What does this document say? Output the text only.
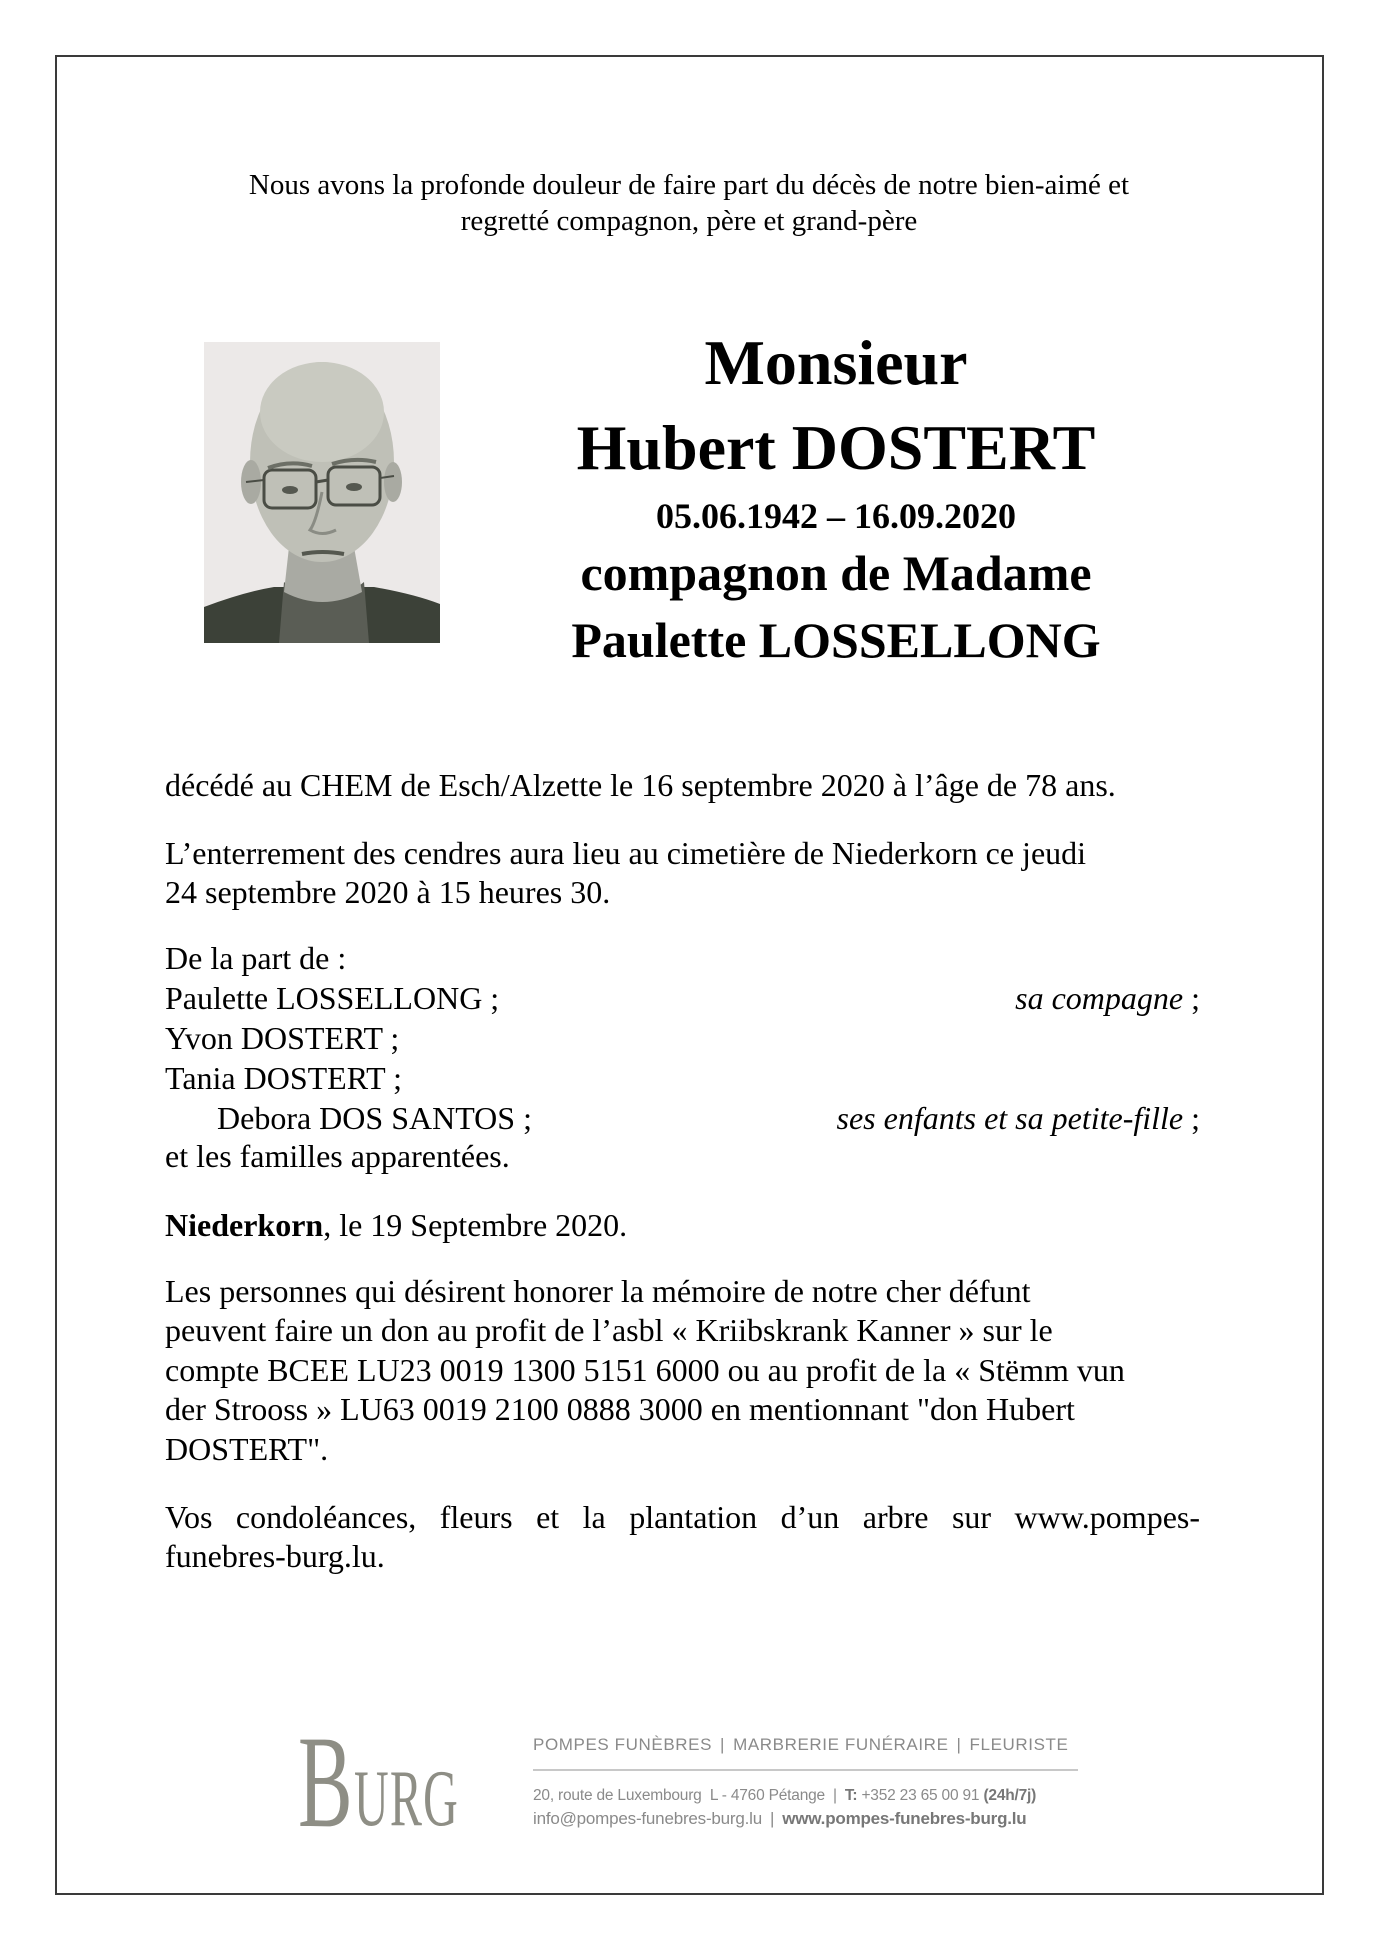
Nous avons la profonde douleur de faire part du décès de notre bien-aimé et
regretté compagnon, père et grand-père
Monsieur
Hubert DOSTERT
05.06.1942 – 16.09.2020
compagnon de Madame
Paulette LOSSELLONG
décédé au CHEM de Esch/Alzette le 16 septembre 2020 à l’âge de 78 ans.
L’enterrement des cendres aura lieu au cimetière de Niederkorn ce jeudi
24 septembre 2020 à 15 heures 30.
De la part de :
Paulette LOSSELLONG ;	sa compagne ;
Yvon DOSTERT ;
Tania DOSTERT ;
Debora DOS SANTOS ;	ses enfants et sa petite-fille ;
et les familles apparentées.
Niederkorn, le 19 Septembre 2020.
Les personnes qui désirent honorer la mémoire de notre cher défunt
peuvent faire un don au profit de l’asbl « Kriibskrank Kanner » sur le
compte BCEE LU23 0019 1300 5151 6000 ou au profit de la « Stëmm vun
der Strooss » LU63 0019 2100 0888 3000 en mentionnant "don Hubert
DOSTERT".
Vos condoléances, fleurs et la plantation d’un arbre sur www.pompes-
funebres-burg.lu.
B URG
POMPES FUNÈBRES | MARBRERIE FUNÉRAIRE | FLEURISTE
20, route de Luxembourg  L - 4760 Pétange | T: +352 23 65 00 91 (24h/7j)
info@pompes-funebres-burg.lu | www.pompes-funebres-burg.lu
